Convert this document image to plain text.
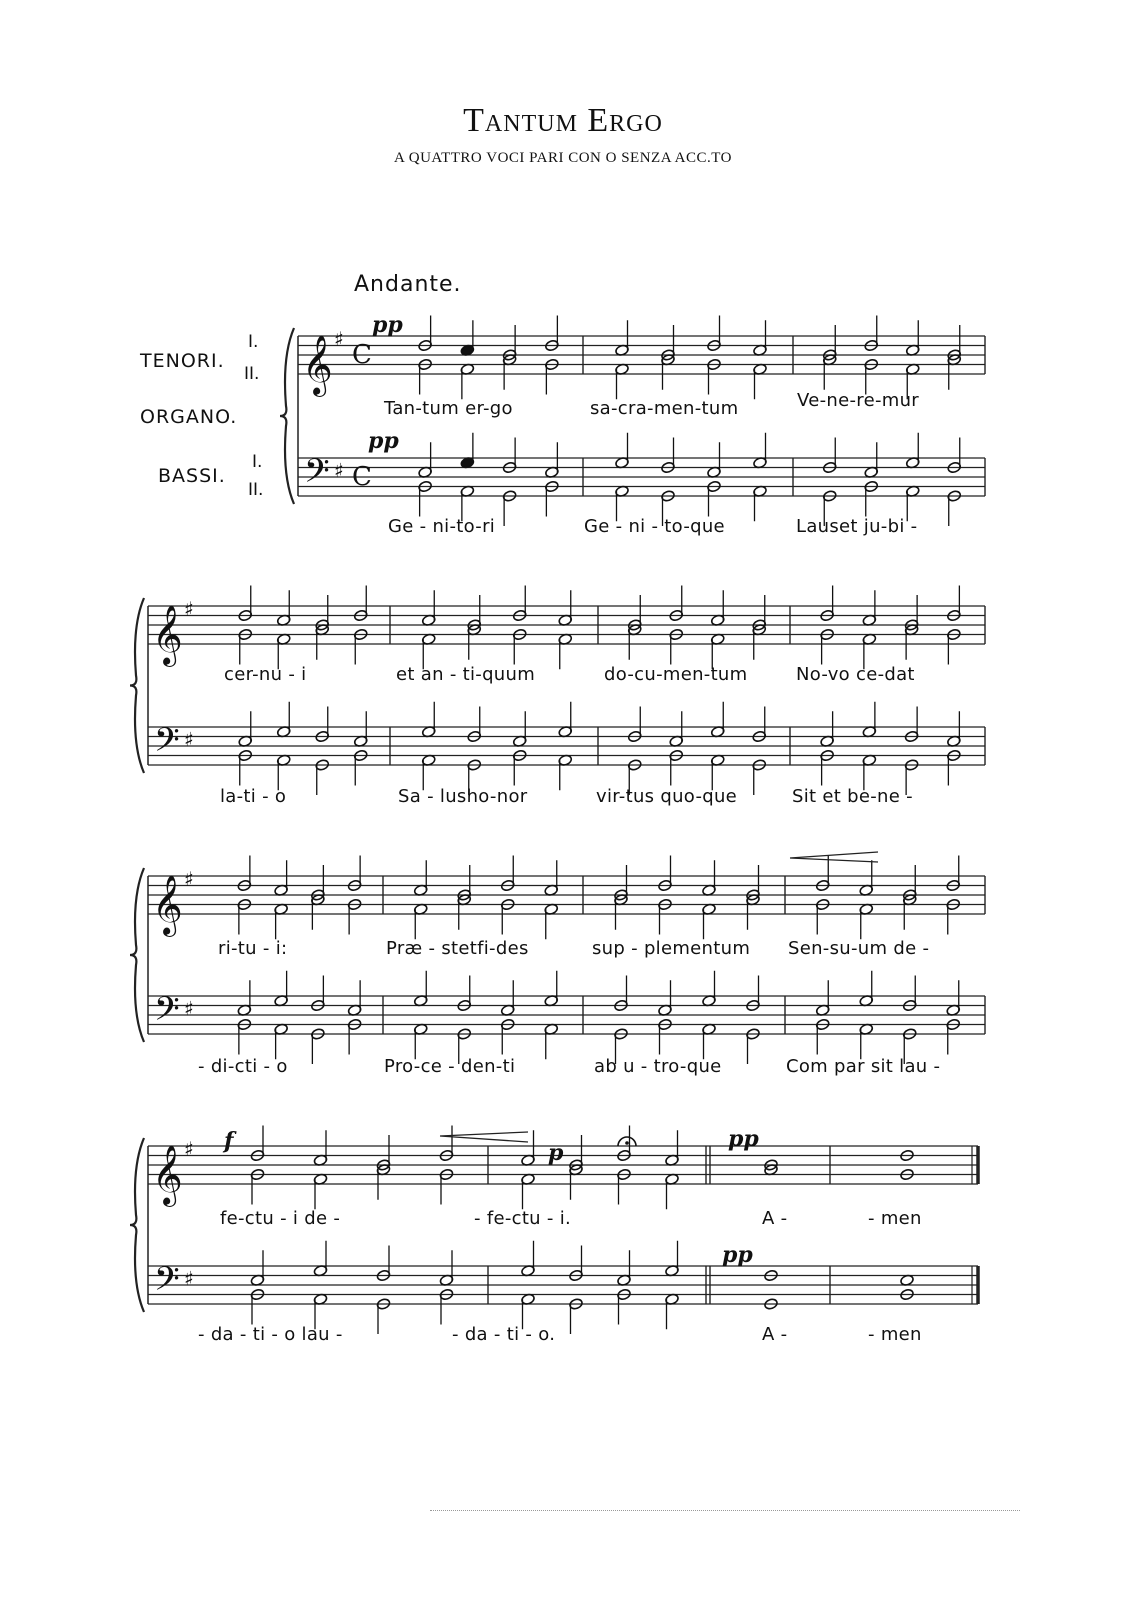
Tantum Ergo
A QUATTRO VOCI PARI CON O SENZA ACC.TO
Andante.
TENORI.
I.
II.
ORGANO.
BASSI.
I.
II.
𝄞
𝄢
♯
♯
C
C
𝄞
𝄢
♯
♯
𝄞
𝄢
♯
♯
𝄞
𝄢
♯
♯
pp
pp
f	p
pp
pp
Tan-tum er-go	sa-cra-men-tum	Ve-ne-re-mur
Ge - ni-to-ri	Ge - ni - to-que	Lauset ju-bi -
cer-nu - i	et an - ti-quum	do-cu-men-tum	No-vo ce-dat
la-ti - o	Sa - lusho-nor	vir-tus quo-que	Sit et be-ne -
ri-tu - i:	Præ - stetfi-des	sup - plementum Sen-su-um de -
- di-cti - o	Pro-ce - den-ti	ab u - tro-que	Com par sit lau -
fe-ctu - i de -	- fe-ctu - i.	A -	- men
- da - ti - o lau -	- da - ti - o.	A -	- men
